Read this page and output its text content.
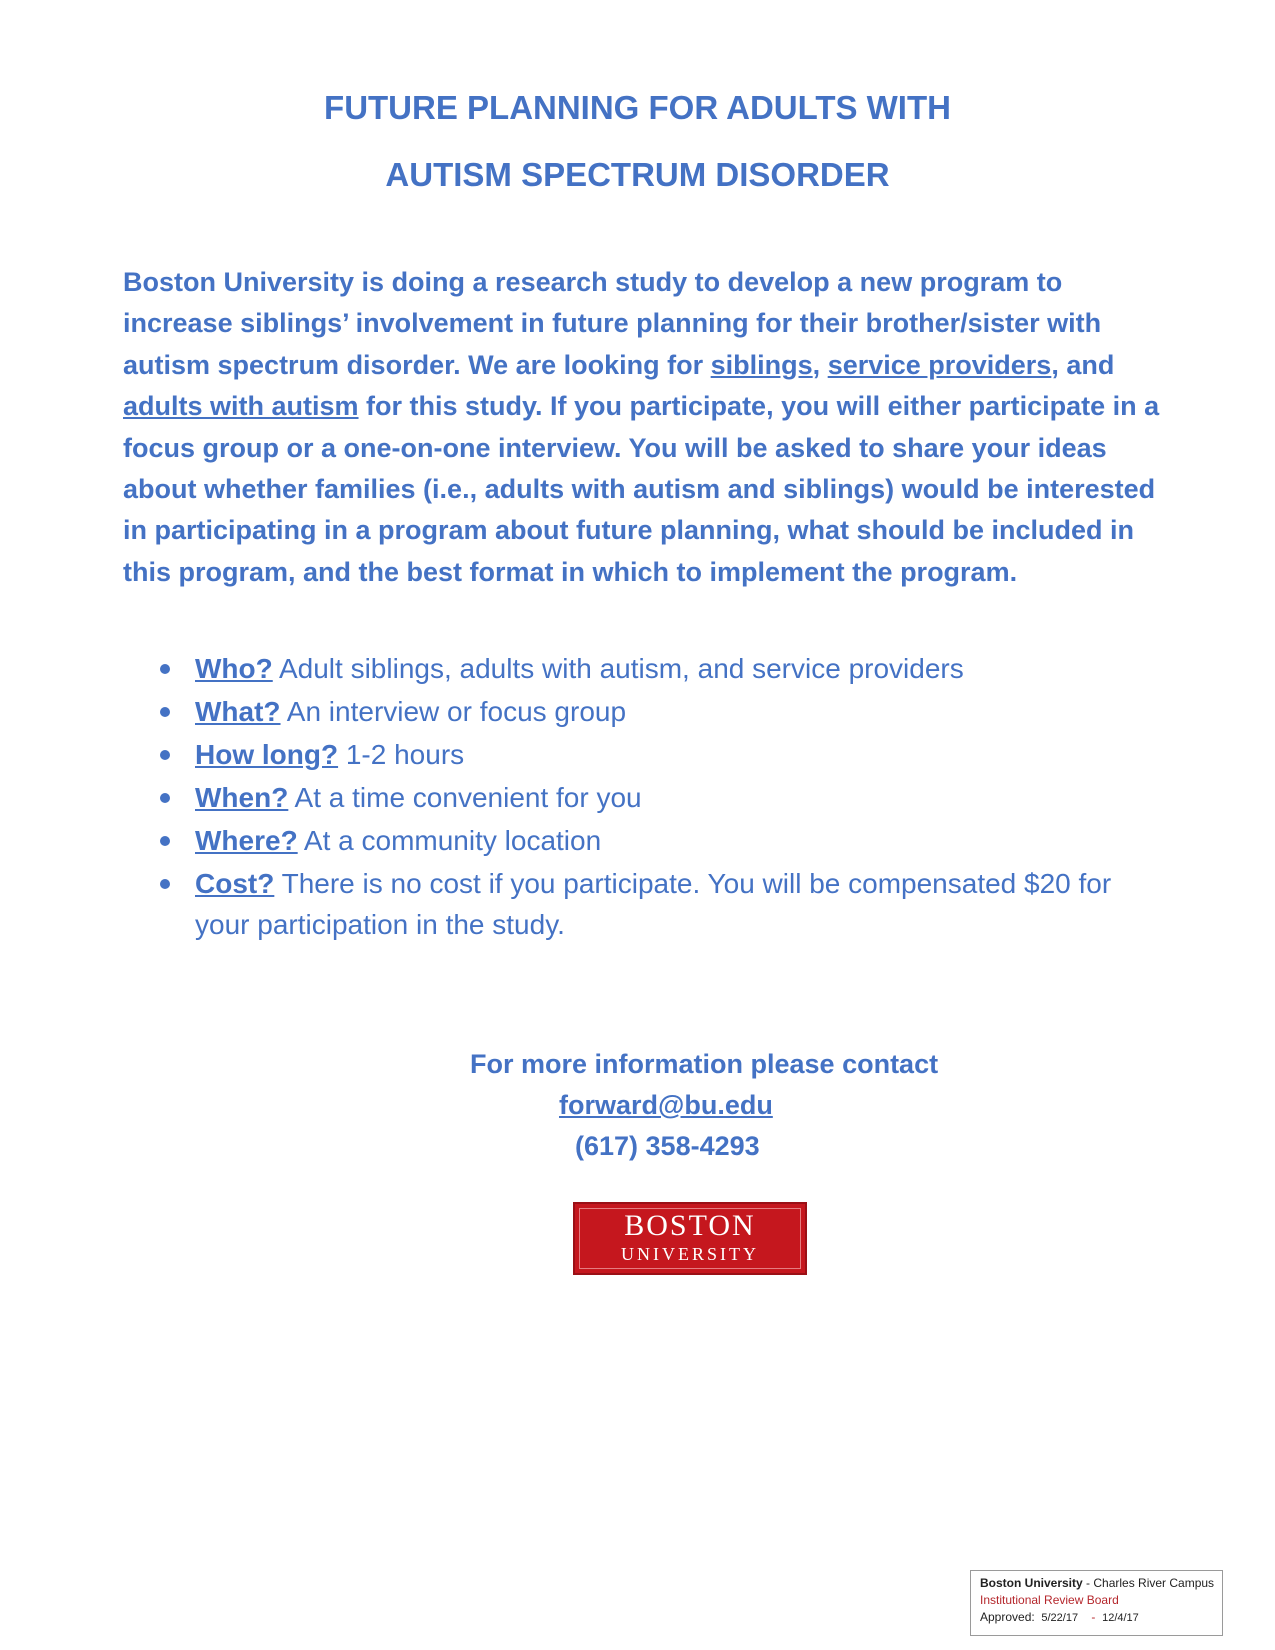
FUTURE PLANNING FOR ADULTS WITH
AUTISM SPECTRUM DISORDER
Boston University is doing a research study to develop a new program to increase siblings’ involvement in future planning for their brother/sister with autism spectrum disorder. We are looking for siblings, service providers, and adults with autism for this study. If you participate, you will either participate in a focus group or a one-on-one interview. You will be asked to share your ideas about whether families (i.e., adults with autism and siblings) would be interested in participating in a program about future planning, what should be included in this program, and the best format in which to implement the program.
Who? Adult siblings, adults with autism, and service providers
What? An interview or focus group
How long? 1-2 hours
When? At a time convenient for you
Where? At a community location
Cost? There is no cost if you participate. You will be compensated $20 for your participation in the study.
For more information please contact
forward@bu.edu
(617) 358-4293
BOSTON
UNIVERSITY
Boston University - Charles River Campus
Institutional Review Board
Approved: 5/22/17 - 12/4/17
